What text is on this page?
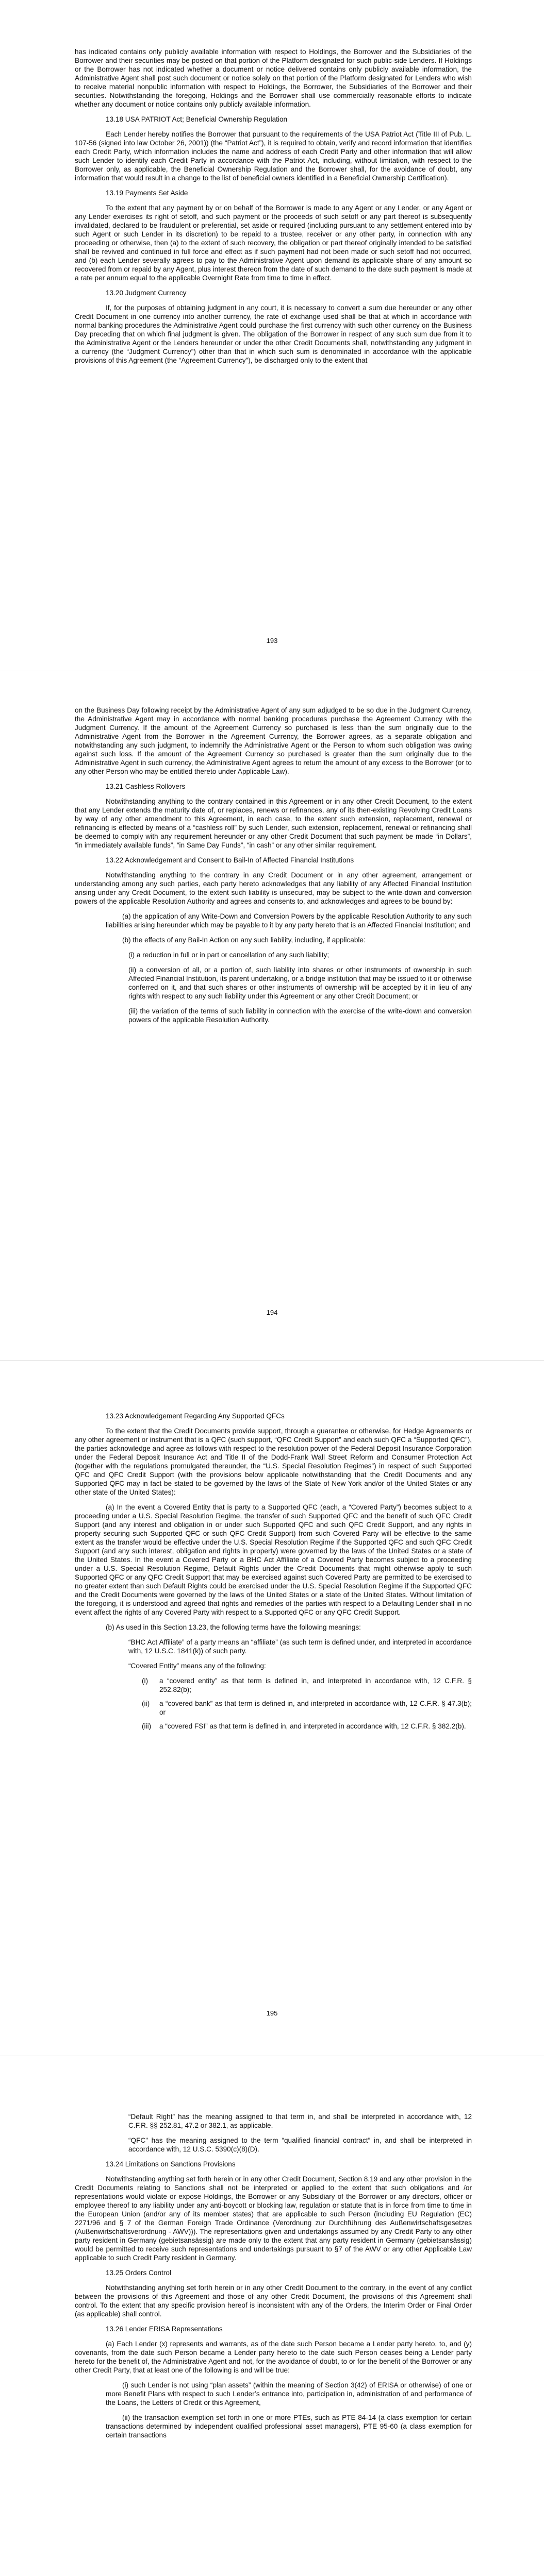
has indicated contains only publicly available information with respect to Holdings, the Borrower and the Subsidiaries of the Borrower and their securities may be posted on that portion of the Platform designated for such public-side Lenders. If Holdings or the Borrower has not indicated whether a document or notice delivered contains only publicly available information, the Administrative Agent shall post such document or notice solely on that portion of the Platform designated for Lenders who wish to receive material nonpublic information with respect to Holdings, the Borrower, the Subsidiaries of the Borrower and their securities. Notwithstanding the foregoing, Holdings and the Borrower shall use commercially reasonable efforts to indicate whether any document or notice contains only publicly available information.

13.18 USA PATRIOT Act; Beneficial Ownership Regulation

Each Lender hereby notifies the Borrower that pursuant to the requirements of the USA Patriot Act (Title III of Pub. L. 107-56 (signed into law October 26, 2001)) (the “Patriot Act”), it is required to obtain, verify and record information that identifies each Credit Party, which information includes the name and address of each Credit Party and other information that will allow such Lender to identify each Credit Party in accordance with the Patriot Act, including, without limitation, with respect to the Borrower only, as applicable, the Beneficial Ownership Regulation and the Borrower shall, for the avoidance of doubt, any information that would result in a change to the list of beneficial owners identified in a Beneficial Ownership Certification).

13.19 Payments Set Aside

To the extent that any payment by or on behalf of the Borrower is made to any Agent or any Lender, or any Agent or any Lender exercises its right of setoff, and such payment or the proceeds of such setoff or any part thereof is subsequently invalidated, declared to be fraudulent or preferential, set aside or required (including pursuant to any settlement entered into by such Agent or such Lender in its discretion) to be repaid to a trustee, receiver or any other party, in connection with any proceeding or otherwise, then (a) to the extent of such recovery, the obligation or part thereof originally intended to be satisfied shall be revived and continued in full force and effect as if such payment had not been made or such setoff had not occurred, and (b) each Lender severally agrees to pay to the Administrative Agent upon demand its applicable share of any amount so recovered from or repaid by any Agent, plus interest thereon from the date of such demand to the date such payment is made at a rate per annum equal to the applicable Overnight Rate from time to time in effect.

13.20 Judgment Currency

If, for the purposes of obtaining judgment in any court, it is necessary to convert a sum due hereunder or any other Credit Document in one currency into another currency, the rate of exchange used shall be that at which in accordance with normal banking procedures the Administrative Agent could purchase the first currency with such other currency on the Business Day preceding that on which final judgment is given. The obligation of the Borrower in respect of any such sum due from it to the Administrative Agent or the Lenders hereunder or under the other Credit Documents shall, notwithstanding any judgment in a currency (the “Judgment Currency”) other than that in which such sum is denominated in accordance with the applicable provisions of this Agreement (the “Agreement Currency”), be discharged only to the extent that

193

on the Business Day following receipt by the Administrative Agent of any sum adjudged to be so due in the Judgment Currency, the Administrative Agent may in accordance with normal banking procedures purchase the Agreement Currency with the Judgment Currency. If the amount of the Agreement Currency so purchased is less than the sum originally due to the Administrative Agent from the Borrower in the Agreement Currency, the Borrower agrees, as a separate obligation and notwithstanding any such judgment, to indemnify the Administrative Agent or the Person to whom such obligation was owing against such loss. If the amount of the Agreement Currency so purchased is greater than the sum originally due to the Administrative Agent in such currency, the Administrative Agent agrees to return the amount of any excess to the Borrower (or to any other Person who may be entitled thereto under Applicable Law).

13.21 Cashless Rollovers

Notwithstanding anything to the contrary contained in this Agreement or in any other Credit Document, to the extent that any Lender extends the maturity date of, or replaces, renews or refinances, any of its then-existing Revolving Credit Loans by way of any other amendment to this Agreement, in each case, to the extent such extension, replacement, renewal or refinancing is effected by means of a “cashless roll” by such Lender, such extension, replacement, renewal or refinancing shall be deemed to comply with any requirement hereunder or any other Credit Document that such payment be made “in Dollars”, “in immediately available funds”, “in Same Day Funds”, “in cash” or any other similar requirement.

13.22 Acknowledgement and Consent to Bail-In of Affected Financial Institutions

Notwithstanding anything to the contrary in any Credit Document or in any other agreement, arrangement or understanding among any such parties, each party hereto acknowledges that any liability of any Affected Financial Institution arising under any Credit Document, to the extent such liability is unsecured, may be subject to the write-down and conversion powers of the applicable Resolution Authority and agrees and consents to, and acknowledges and agrees to be bound by:

(a) the application of any Write-Down and Conversion Powers by the applicable Resolution Authority to any such liabilities arising hereunder which may be payable to it by any party hereto that is an Affected Financial Institution; and

(b) the effects of any Bail-In Action on any such liability, including, if applicable:

(i) a reduction in full or in part or cancellation of any such liability;

(ii) a conversion of all, or a portion of, such liability into shares or other instruments of ownership in such Affected Financial Institution, its parent undertaking, or a bridge institution that may be issued to it or otherwise conferred on it, and that such shares or other instruments of ownership will be accepted by it in lieu of any rights with respect to any such liability under this Agreement or any other Credit Document; or

(iii) the variation of the terms of such liability in connection with the exercise of the write-down and conversion powers of the applicable Resolution Authority.

194

13.23 Acknowledgement Regarding Any Supported QFCs

To the extent that the Credit Documents provide support, through a guarantee or otherwise, for Hedge Agreements or any other agreement or instrument that is a QFC (such support, “QFC Credit Support” and each such QFC a “Supported QFC”), the parties acknowledge and agree as follows with respect to the resolution power of the Federal Deposit Insurance Corporation under the Federal Deposit Insurance Act and Title II of the Dodd-Frank Wall Street Reform and Consumer Protection Act (together with the regulations promulgated thereunder, the “U.S. Special Resolution Regimes”) in respect of such Supported QFC and QFC Credit Support (with the provisions below applicable notwithstanding that the Credit Documents and any Supported QFC may in fact be stated to be governed by the laws of the State of New York and/or of the United States or any other state of the United States):

(a) In the event a Covered Entity that is party to a Supported QFC (each, a “Covered Party”) becomes subject to a proceeding under a U.S. Special Resolution Regime, the transfer of such Supported QFC and the benefit of such QFC Credit Support (and any interest and obligation in or under such Supported QFC and such QFC Credit Support, and any rights in property securing such Supported QFC or such QFC Credit Support) from such Covered Party will be effective to the same extent as the transfer would be effective under the U.S. Special Resolution Regime if the Supported QFC and such QFC Credit Support (and any such interest, obligation and rights in property) were governed by the laws of the United States or a state of the United States. In the event a Covered Party or a BHC Act Affiliate of a Covered Party becomes subject to a proceeding under a U.S. Special Resolution Regime, Default Rights under the Credit Documents that might otherwise apply to such Supported QFC or any QFC Credit Support that may be exercised against such Covered Party are permitted to be exercised to no greater extent than such Default Rights could be exercised under the U.S. Special Resolution Regime if the Supported QFC and the Credit Documents were governed by the laws of the United States or a state of the United States. Without limitation of the foregoing, it is understood and agreed that rights and remedies of the parties with respect to a Defaulting Lender shall in no event affect the rights of any Covered Party with respect to a Supported QFC or any QFC Credit Support.

(b) As used in this Section 13.23, the following terms have the following meanings:

“BHC Act Affiliate” of a party means an “affiliate” (as such term is defined under, and interpreted in accordance with, 12 U.S.C. 1841(k)) of such party.

“Covered Entity” means any of the following:

(i)	a “covered entity” as that term is defined in, and interpreted in accordance with, 12 C.F.R. § 252.82(b);
(ii)	a “covered bank” as that term is defined in, and interpreted in accordance with, 12 C.F.R. § 47.3(b); or
(iii)	a “covered FSI” as that term is defined in, and interpreted in accordance with, 12 C.F.R. § 382.2(b).
195

“Default Right” has the meaning assigned to that term in, and shall be interpreted in accordance with, 12 C.F.R. §§ 252.81, 47.2 or 382.1, as applicable.

“QFC” has the meaning assigned to the term “qualified financial contract” in, and shall be interpreted in accordance with, 12 U.S.C. 5390(c)(8)(D).

13.24 Limitations on Sanctions Provisions

Notwithstanding anything set forth herein or in any other Credit Document, Section 8.19 and any other provision in the Credit Documents relating to Sanctions shall not be interpreted or applied to the extent that such obligations and /or representations would violate or expose Holdings, the Borrower or any Subsidiary of the Borrower or any directors, officer or employee thereof to any liability under any anti-boycott or blocking law, regulation or statute that is in force from time to time in the European Union (and/or any of its member states) that are applicable to such Person (including EU Regulation (EC) 2271/96 and § 7 of the German Foreign Trade Ordinance (Verordnung zur Durchführung des Außenwirtschaftsgesetzes (Außenwirtschaftsverordnung - AWV))). The representations given and undertakings assumed by any Credit Party to any other party resident in Germany (gebietsansässig) are made only to the extent that any party resident in Germany (gebietsansässig) would be permitted to receive such representations and undertakings pursuant to §7 of the AWV or any other Applicable Law applicable to such Credit Party resident in Germany.

13.25 Orders Control

Notwithstanding anything set forth herein or in any other Credit Document to the contrary, in the event of any conflict between the provisions of this Agreement and those of any other Credit Document, the provisions of this Agreement shall control. To the extent that any specific provision hereof is inconsistent with any of the Orders, the Interim Order or Final Order (as applicable) shall control.

13.26 Lender ERISA Representations

(a) Each Lender (x) represents and warrants, as of the date such Person became a Lender party hereto, to, and (y) covenants, from the date such Person became a Lender party hereto to the date such Person ceases being a Lender party hereto for the benefit of, the Administrative Agent and not, for the avoidance of doubt, to or for the benefit of the Borrower or any other Credit Party, that at least one of the following is and will be true:

(i) such Lender is not using “plan assets” (within the meaning of Section 3(42) of ERISA or otherwise) of one or more Benefit Plans with respect to such Lender’s entrance into, participation in, administration of and performance of the Loans, the Letters of Credit or this Agreement,

(ii) the transaction exemption set forth in one or more PTEs, such as PTE 84-14 (a class exemption for certain transactions determined by independent qualified professional asset managers), PTE 95-60 (a class exemption for certain transactions
